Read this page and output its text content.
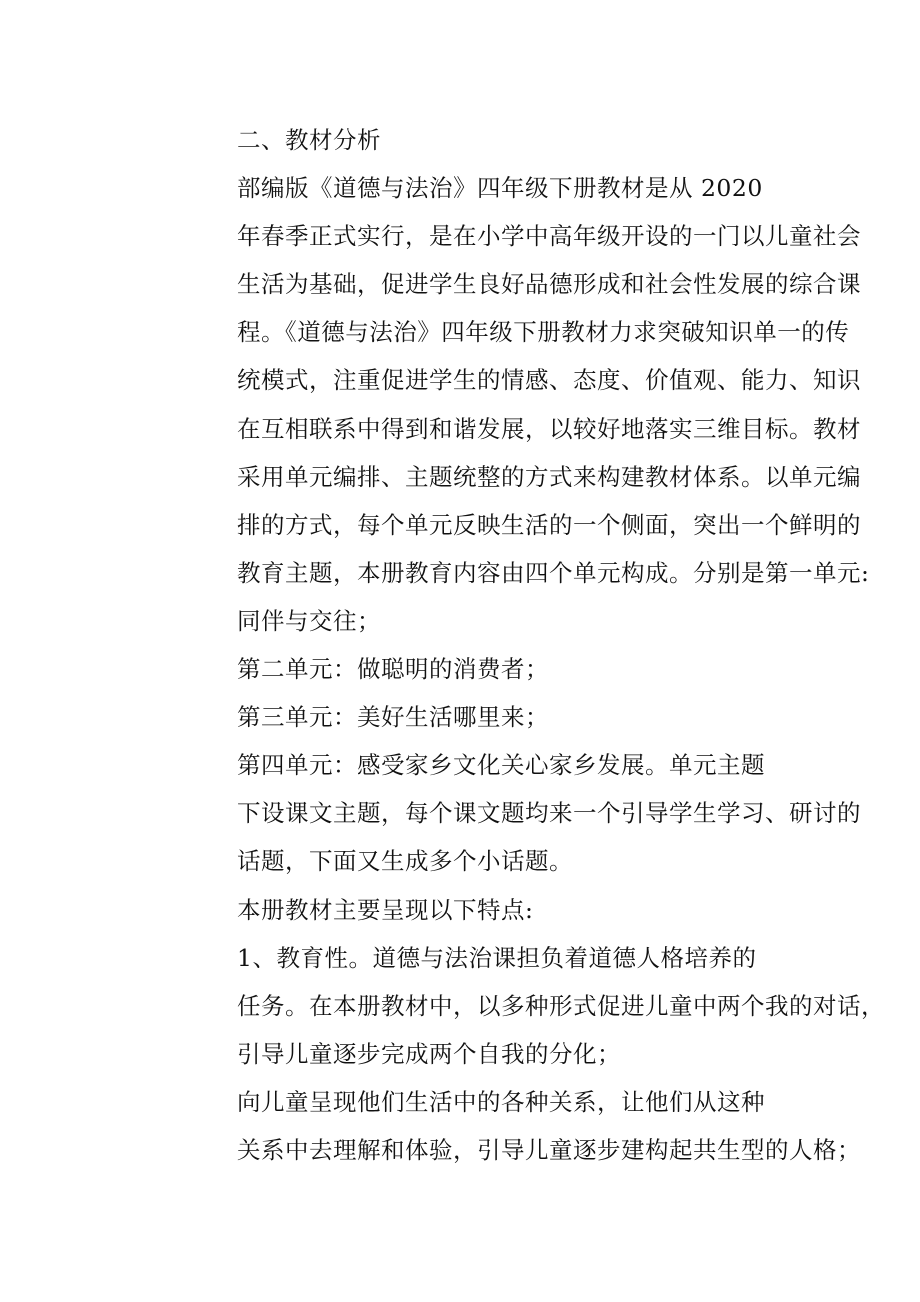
二、教材分析

部编版《道德与法治》四年级下册教材是从 2020
年春季正式实行，是在小学中高年级开设的一门以儿童社会
生活为基础，促进学生良好品德形成和社会性发展的综合课
程。《道德与法治》四年级下册教材力求突破知识单一的传
统模式，注重促进学生的情感、态度、价值观、能力、知识
在互相联系中得到和谐发展，以较好地落实三维目标。教材
采用单元编排、主题统整的方式来构建教材体系。以单元编
排的方式，每个单元反映生活的一个侧面，突出一个鲜明的
教育主题，本册教育内容由四个单元构成。分别是第一单元:
同伴与交往；

第二单元：做聪明的消费者；

第三单元：美好生活哪里来；

第四单元：感受家乡文化关心家乡发展。单元主题
下设课文主题，每个课文题均来一个引导学生学习、研讨的
话题，下面又生成多个小话题。

本册教材主要呈现以下特点:

1、教育性。道德与法治课担负着道德人格培养的
任务。在本册教材中，以多种形式促进儿童中两个我的对话，
引导儿童逐步完成两个自我的分化；

向儿童呈现他们生活中的各种关系，让他们从这种
关系中去理解和体验，引导儿童逐步建构起共生型的人格；
